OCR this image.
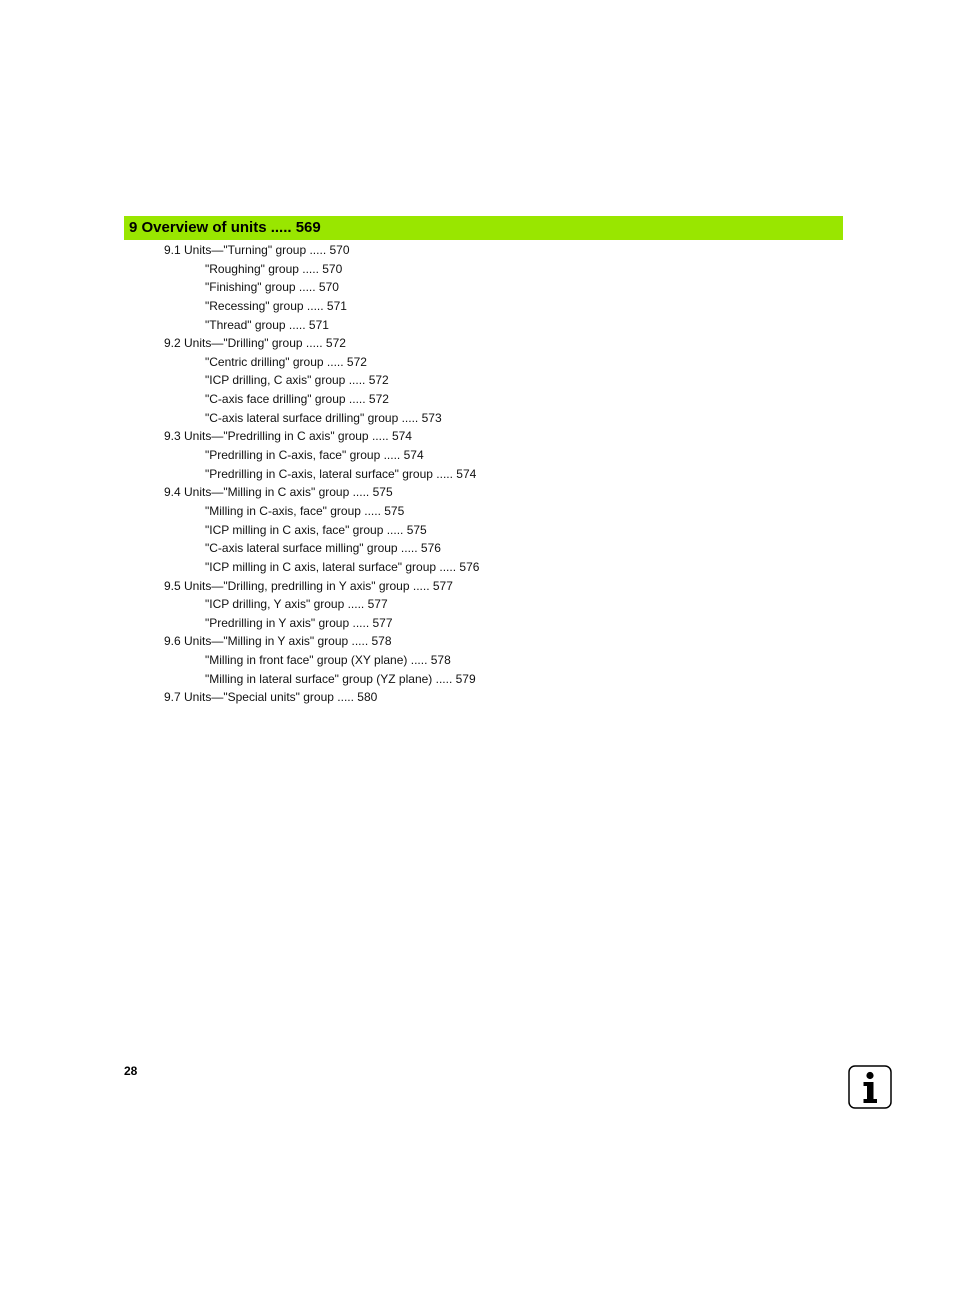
9 Overview of units ..... 569
9.1 Units—"Turning" group ..... 570
"Roughing" group ..... 570
"Finishing" group ..... 570
"Recessing" group ..... 571
"Thread" group ..... 571
9.2 Units—"Drilling" group ..... 572
"Centric drilling" group ..... 572
"ICP drilling, C axis" group ..... 572
"C-axis face drilling" group ..... 572
"C-axis lateral surface drilling" group ..... 573
9.3 Units—"Predrilling in C axis" group ..... 574
"Predrilling in C-axis, face" group ..... 574
"Predrilling in C-axis, lateral surface" group ..... 574
9.4 Units—"Milling in C axis" group ..... 575
"Milling in C-axis, face" group ..... 575
"ICP milling in C axis, face" group ..... 575
"C-axis lateral surface milling" group ..... 576
"ICP milling in C axis, lateral surface" group ..... 576
9.5 Units—"Drilling, predrilling in Y axis" group ..... 577
"ICP drilling, Y axis" group ..... 577
"Predrilling in Y axis" group ..... 577
9.6 Units—"Milling in Y axis" group ..... 578
"Milling in front face" group (XY plane) ..... 578
"Milling in lateral surface" group (YZ plane) ..... 579
9.7 Units—"Special units" group ..... 580
28
